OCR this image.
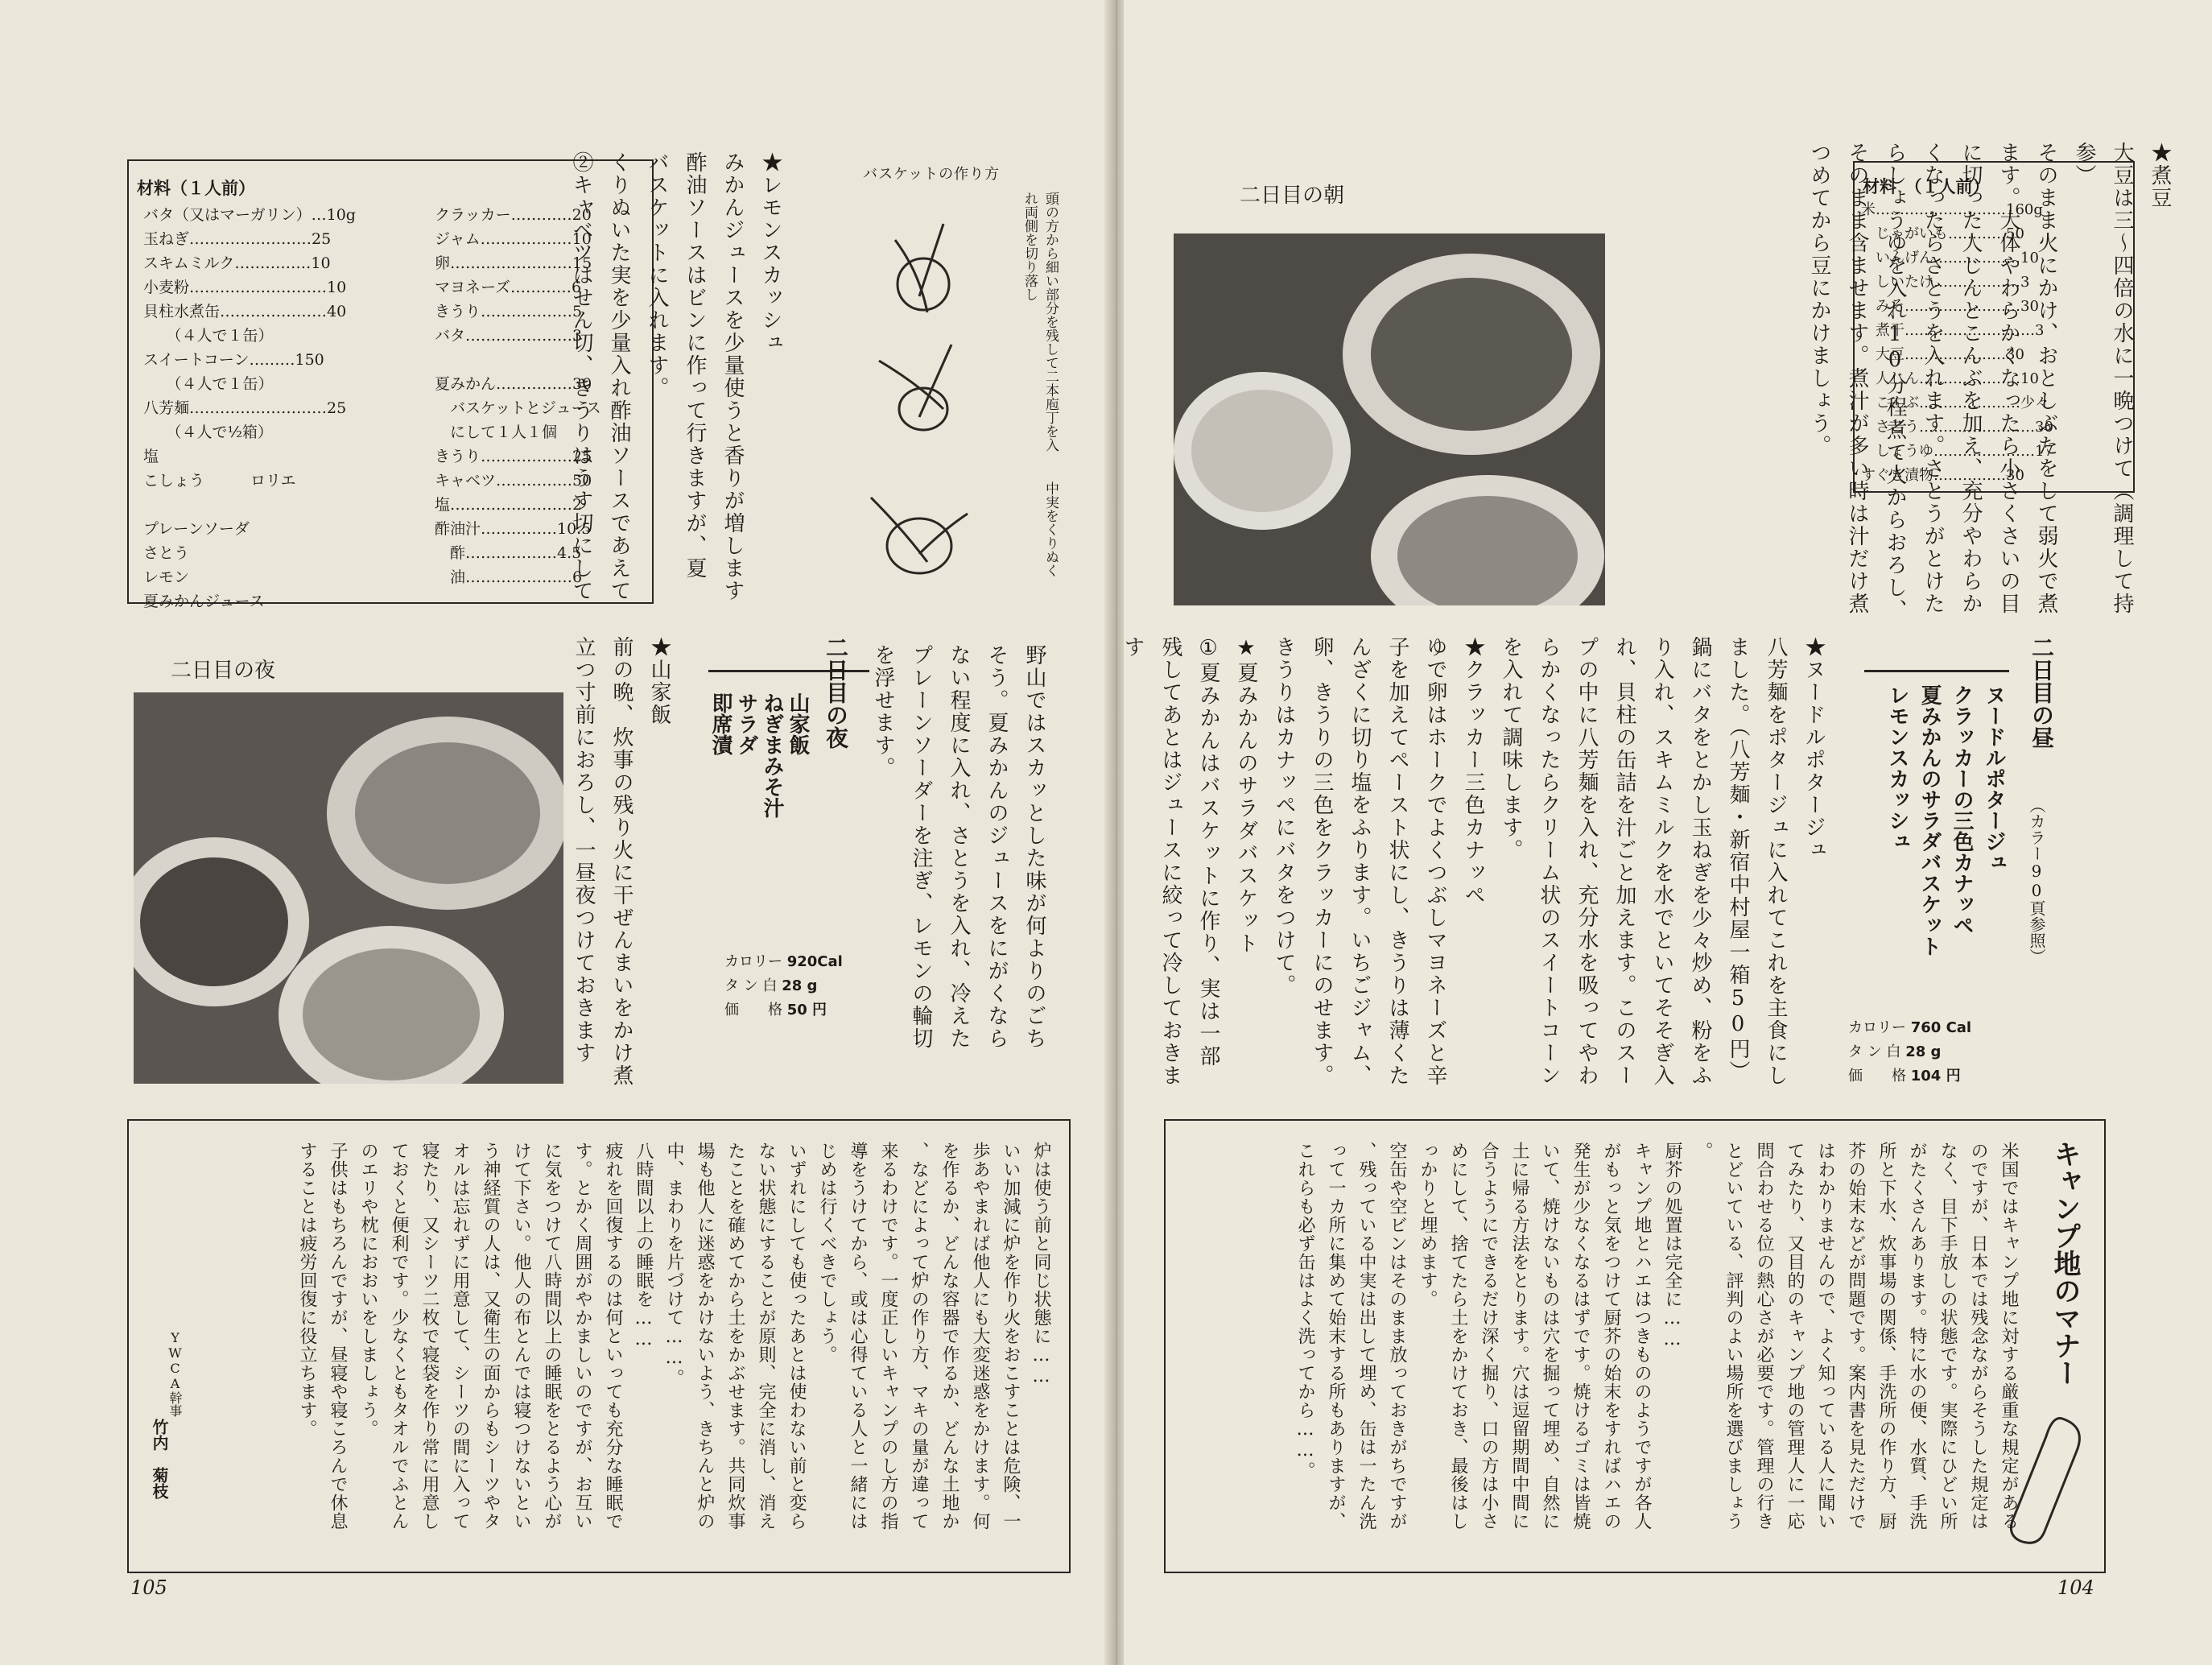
材料（１人前）
バタ（又はマーガリン）…10g
玉ねぎ……………………25
スキムミルク……………10
小麦粉………………………10
貝柱水煮缶…………………40
　　（４人で１缶）
スイートコーン………150
　　（４人で１缶）
八芳麺………………………25
　　（４人で½箱）
塩
こしょう　　　ロリエ

プレーンソーダ
さとう
レモン
夏みかんジュース
クラッカー…………20
ジャム………………10
卵……………………15
マヨネーズ…………6
きうり………………5
バタ…………………3

夏みかん……………30
　バスケットとジュース
　にして１人１個
きうり………………25
キャベツ……………50
塩……………………2
酢油汁……………10.5
　酢………………4.5
　油…………………6
★レモンスカッシュ
みかんジュースを少量使うと香りが増します
酢油ソースはビンに作って行きますが、夏
バスケットに入れます。
くりぬいた実を少量入れ酢油ソースであえて
②キャベツはせん切、きうりはうす切にして	バスケットの作り方
頭の方から細い部分を残して二本庖丁を入れ両側を切り落し
中実をくりぬく
二日目の夜	★山家飯
前の晩、炊事の残り火に干ぜんまいをかけ煮立つ寸前におろし、一昼夜つけておきます	二日目の夜
山家飯
ねぎまみそ汁
サラダ
即席漬
カロリー 920Cal
タ ン 白 28 g
価　　格 50 円	野山ではスカッとした味が何よりのごちそう。夏みかんのジュースをにがくならない程度に入れ、さとうを入れ、冷えたプレーンソーダーを注ぎ、レモンの輪切を浮せます。
炉は使う前と同じ状態に……
いい加減に炉を作り火をおこすことは危険、一歩あやまれば他人にも大変迷惑をかけます。何を作るか、どんな容器で作るか、どんな土地か、などによって炉の作り方、マキの量が違って来るわけです。一度正しいキャンプのし方の指導をうけてから、或は心得ている人と一緒にはじめは行くべきでしょう。
いずれにしても使ったあとは使わない前と変らない状態にすることが原則、完全に消し、消えたことを確めてから土をかぶせます。共同炊事場も他人に迷惑をかけないよう、きちんと炉の中、まわりを片づけて……。
八時間以上の睡眠を……
疲れを回復するのは何といっても充分な睡眠です。とかく周囲がやかましいのですが、お互いに気をつけて八時間以上の睡眠をとるよう心がけて下さい。他人の布とんでは寝つけないという神経質の人は、又衛生の面からもシーツやタオルは忘れずに用意して、シーツの間に入って寝たり、又シーツ二枚で寝袋を作り常に用意しておくと便利です。少なくともタオルでふとんのエリや枕におおいをしましょう。
子供はもちろんですが、昼寝や寝ころんで休息することは疲労回復に役立ちます。
YWCA幹事
竹内　菊枝
105
材料　（１人前）
米………………………160g
　じゃがいも…………50
　いんげん………………10
　しいたけ………………3
　みそ……………………30
　煮干………………………3
　大豆…………………30
　人じん…………………10
　こんぶ…………………少々
　さとう……………………30
　しょうゆ…………………17
すぐき漬物……………30
★煮豆
大豆は三〜四倍の水に一晩つけて（調理して持参）
そのまま火にかけ、おとしぶたをして弱火で煮ます。大体やわらかくなったら小さくさいの目に切った人じんとこんぶを加え、充分やわらかくなったらさとうを入れます。さとうがとけたらしょうゆを入れ10分程煮て火からおろし、そのまま含ませます。煮汁が多い時は汁だけ煮つめてから豆にかけましょう。
二日目の朝
二日目の昼
（カラー90頁参照）
ヌードルポタージュ
クラッカーの三色カナッペ
夏みかんのサラダバスケット
レモンスカッシュ
カロリー 760 Cal
タ ン 白 28 g
価　　格 104 円
★ヌードルポタージュ
八芳麺をポタージュに入れてこれを主食にしました。（八芳麺・新宿中村屋一箱50円）
鍋にバタをとかし玉ねぎを少々炒め、粉をふり入れ、スキムミルクを水でといてそそぎ入れ、貝柱の缶詰を汁ごと加えます。このスープの中に八芳麺を入れ、充分水を吸ってやわらかくなったらクリーム状のスイートコーンを入れて調味します。
★クラッカー三色カナッペ
ゆで卵はホークでよくつぶしマヨネーズと辛子を加えてペースト状にし、きうりは薄くたんざくに切り塩をふります。いちごジャム、卵、きうりの三色をクラッカーにのせます。きうりはカナッペにバタをつけて。
★夏みかんのサラダバスケット
①夏みかんはバスケットに作り、実は一部残してあとはジュースに絞って冷しておきます
キャンプ地のマナー
米国ではキャンプ地に対する厳重な規定があるのですが、日本では残念ながらそうした規定はなく、目下手放しの状態です。実際にひどい所がたくさんあります。特に水の便、水質、手洗所と下水、炊事場の関係、手洗所の作り方、厨芥の始末などが問題です。案内書を見ただけではわかりませんので、よく知っている人に聞いてみたり、又目的のキャンプ地の管理人に一応問合わせる位の熱心さが必要です。管理の行きとどいている、評判のよい場所を選びましょう。
厨芥の処置は完全に……
キャンプ地とハエはつきもののようですが各人がもっと気をつけて厨芥の始末をすればハエの発生が少なくなるはずです。焼けるゴミは皆焼いて、焼けないものは穴を掘って埋め、自然に土に帰る方法をとります。穴は逗留期間中間に合うようにできるだけ深く掘り、口の方は小さめにして、捨てたら土をかけておき、最後はしっかりと埋めます。
空缶や空ビンはそのまま放っておきがちですが、残っている中実は出して埋め、缶は一たん洗って一カ所に集めて始末する所もありますが、これらも必ず缶はよく洗ってから……。
104
